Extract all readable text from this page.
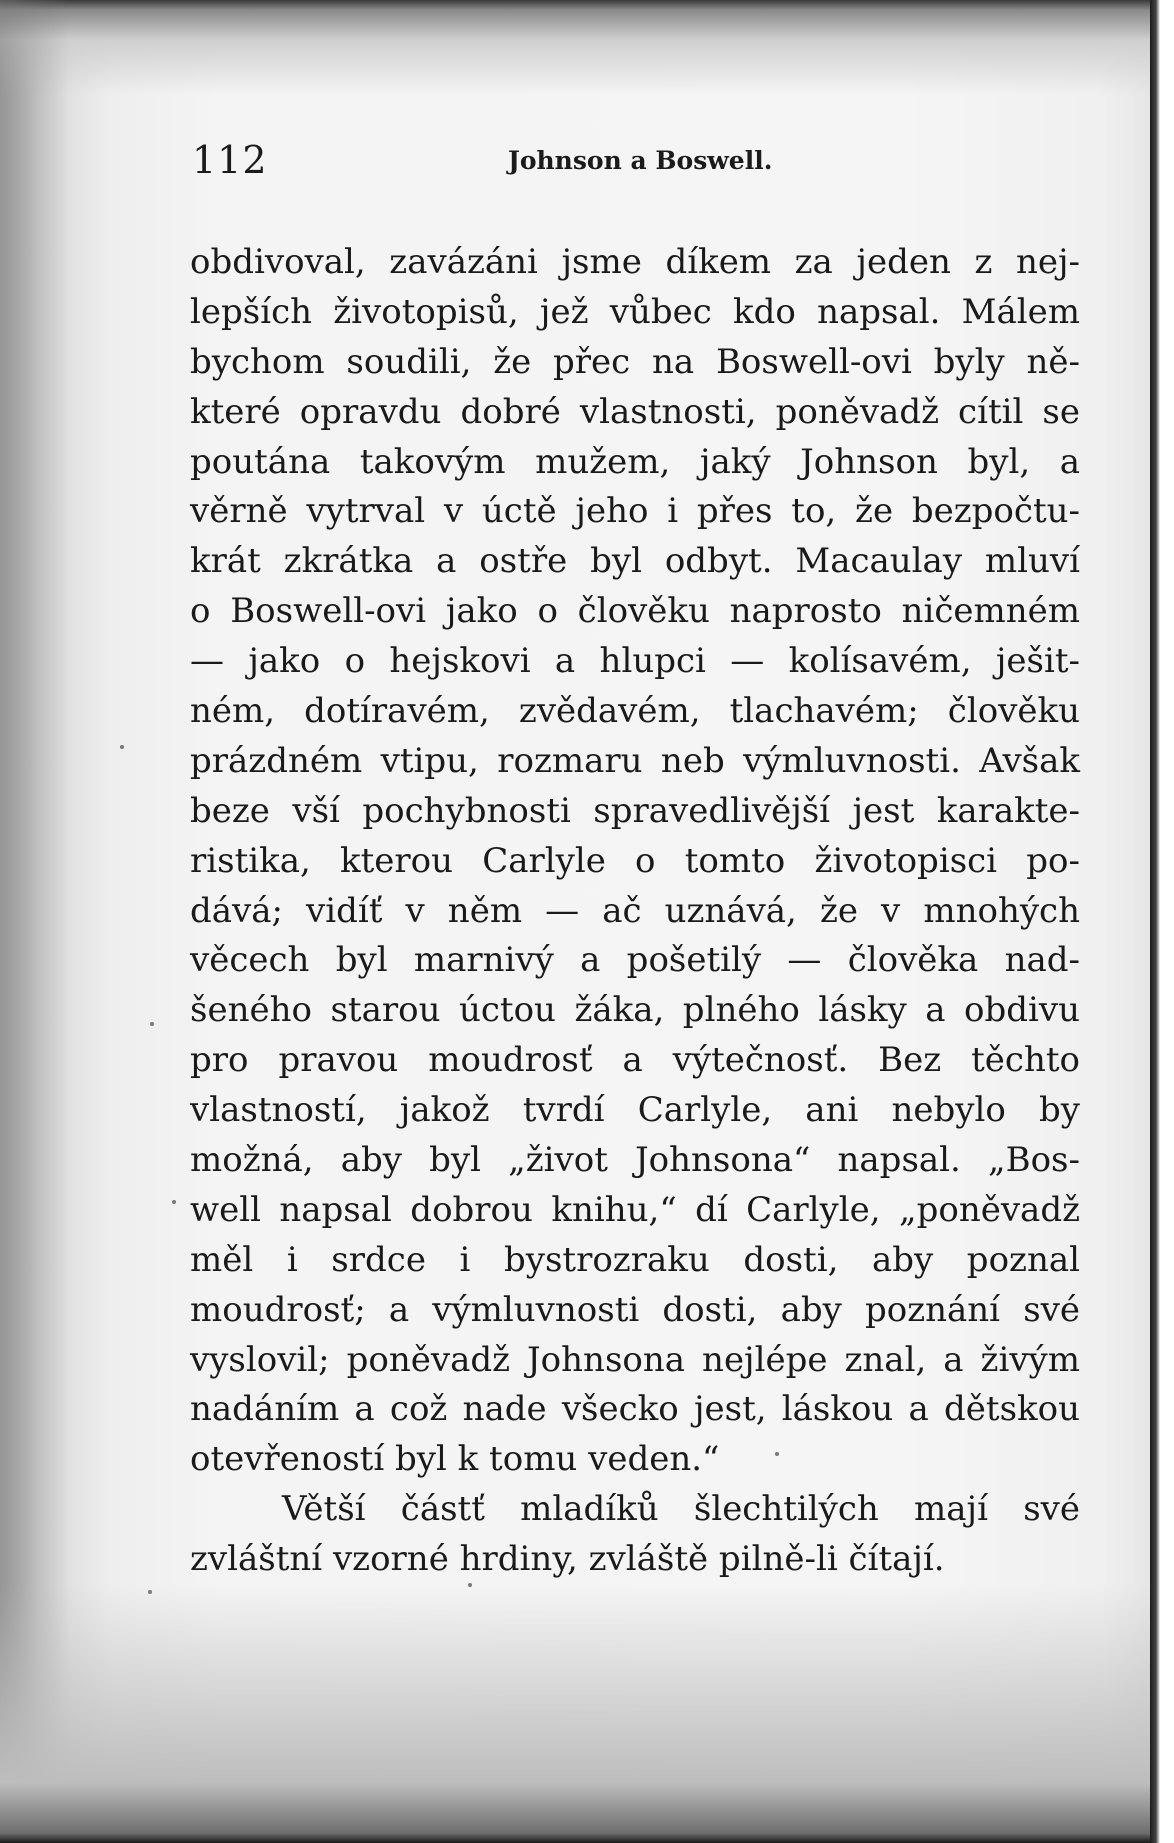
112	Johnson a Boswell.
obdivoval, zavázáni jsme díkem za jeden z nej-
lepších životopisů, jež vůbec kdo napsal. Málem
bychom soudili, že přec na Boswell-ovi byly ně-
které opravdu dobré vlastnosti, poněvadž cítil se
poutána takovým mužem, jaký Johnson byl, a
věrně vytrval v úctě jeho i přes to, že bezpočtu-
krát zkrátka a ostře byl odbyt. Macaulay mluví
o Boswell-ovi jako o člověku naprosto ničemném
— jako o hejskovi a hlupci — kolísavém, ješit-
ném, dotíravém, zvědavém, tlachavém; člověku
prázdném vtipu, rozmaru neb výmluvnosti. Avšak
beze vší pochybnosti spravedlivější jest karakte-
ristika, kterou Carlyle o tomto životopisci po-
dává; vidíť v něm — ač uznává, že v mnohých
věcech byl marnivý a pošetilý — člověka nad-
šeného starou úctou žáka, plného lásky a obdivu
pro pravou moudrosť a výtečnosť. Bez těchto
vlastností, jakož tvrdí Carlyle, ani nebylo by
možná, aby byl „život Johnsona“ napsal. „Bos-
well napsal dobrou knihu,“ dí Carlyle, „poněvadž
měl i srdce i bystrozraku dosti, aby poznal
moudrosť; a výmluvnosti dosti, aby poznání své
vyslovil; poněvadž Johnsona nejlépe znal, a živým
nadáním a což nade všecko jest, láskou a dětskou
otevřeností byl k tomu veden.“
Větší částť mladíků šlechtilých mají své
zvláštní vzorné hrdiny, zvláště pilně-li čítají.
